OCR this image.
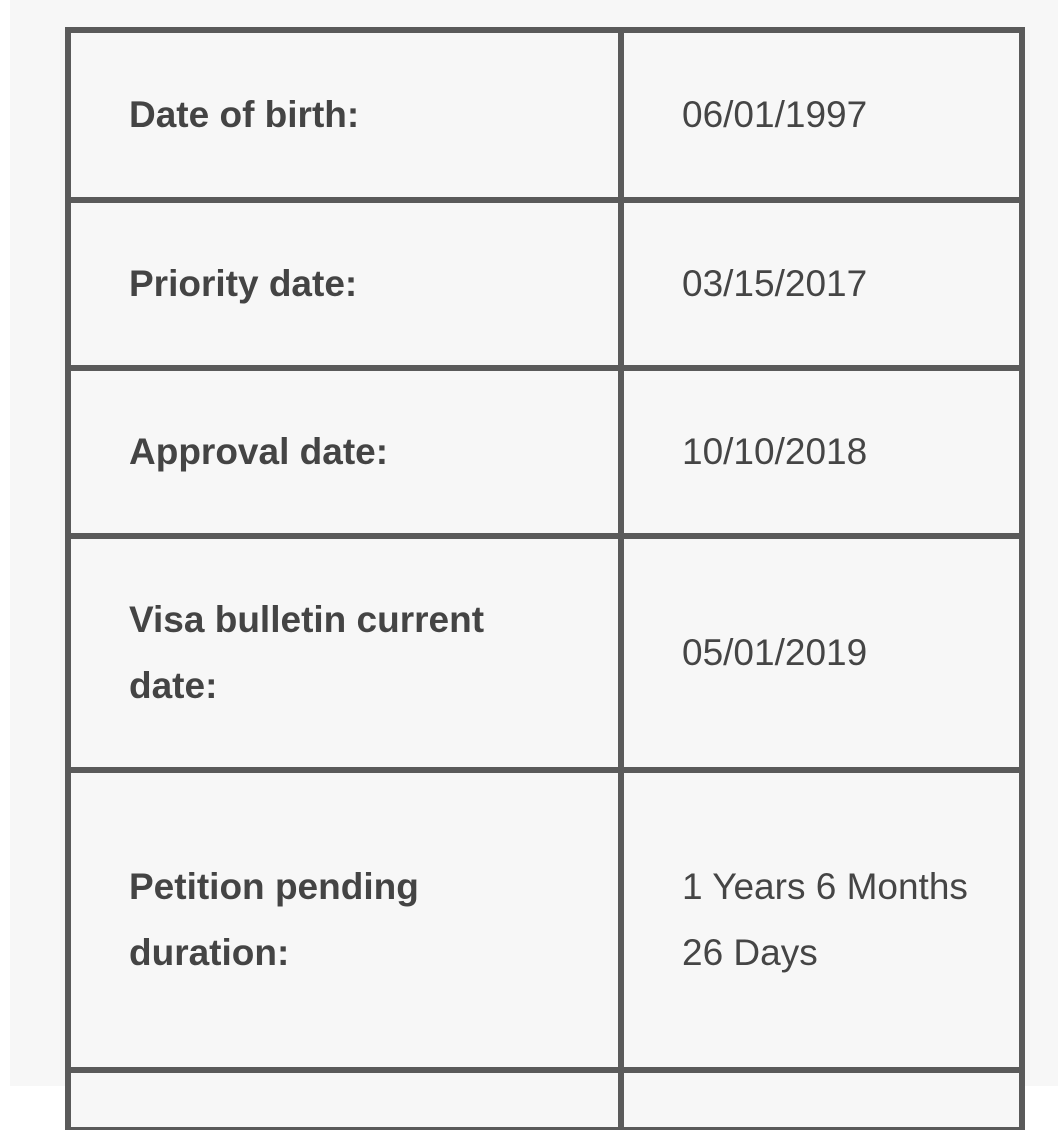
Date of birth:	06/01/1997
Priority date:	03/15/2017
Approval date:	10/10/2018
Visa bulletin current date:	05/01/2019
Petition pending duration:	1 Years 6 Months 26 Days
